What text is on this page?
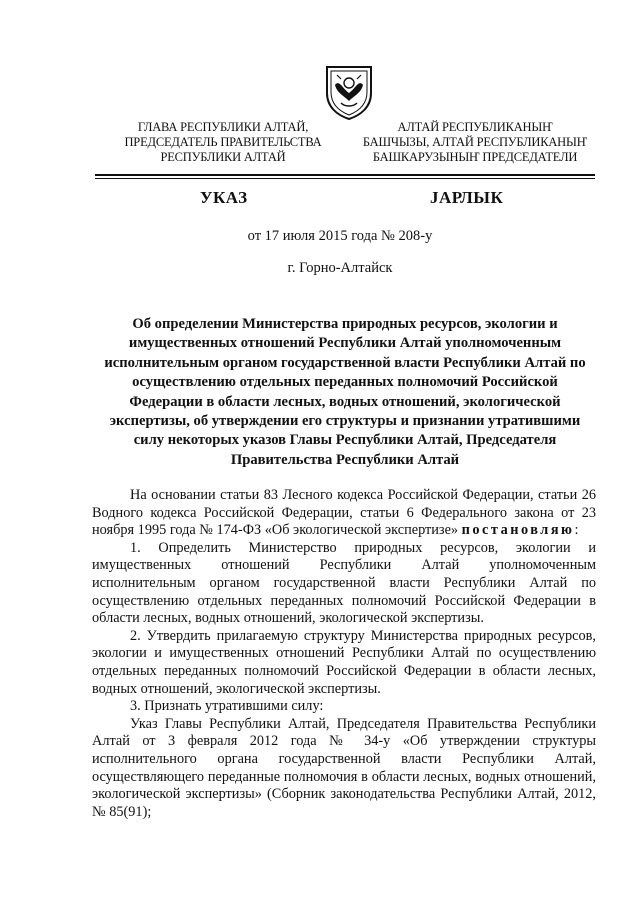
ГЛАВА РЕСПУБЛИКИ АЛТАЙ,
ПРЕДСЕДАТЕЛЬ ПРАВИТЕЛЬСТВА
РЕСПУБЛИКИ АЛТАЙ
АЛТАЙ РЕСПУБЛИКАНЫҤ
БАШЧЫЗЫ, АЛТАЙ РЕСПУБЛИКАНЫҤ
БАШКАРУЗЫНЫҤ ПРЕДСЕДАТЕЛИ
УКАЗ	JАРЛЫК
от 17 июля 2015 года № 208-у
г. Горно-Алтайск
Об определении Министерства природных ресурсов, экологии и имущественных отношений Республики Алтай уполномоченным исполнительным органом государственной власти Республики Алтай по осуществлению отдельных переданных полномочий Российской Федерации в области лесных, водных отношений, экологической экспертизы, об утверждении его структуры и признании утратившими силу некоторых указов Главы Республики Алтай, Председателя Правительства Республики Алтай

На основании статьи 83 Лесного кодекса Российской Федерации, статьи 26 Водного кодекса Российской Федерации, статьи 6 Федерального закона от 23 ноября 1995 года № 174-ФЗ «Об экологической экспертизе» постановляю:

1. Определить Министерство природных ресурсов, экологии и имущественных отношений Республики Алтай уполномоченным исполнительным органом государственной власти Республики Алтай по осуществлению отдельных переданных полномочий Российской Федерации в области лесных, водных отношений, экологической экспертизы.

2. Утвердить прилагаемую структуру Министерства природных ресурсов, экологии и имущественных отношений Республики Алтай по осуществлению отдельных переданных полномочий Российской Федерации в области лесных, водных отношений, экологической экспертизы.

3. Признать утратившими силу:

Указ Главы Республики Алтай, Председателя Правительства Республики Алтай от 3 февраля 2012 года № 34-у «Об утверждении структуры исполнительного органа государственной власти Республики Алтай, осуществляющего переданные полномочия в области лесных, водных отношений, экологической экспертизы» (Сборник законодательства Республики Алтай, 2012, № 85(91);
